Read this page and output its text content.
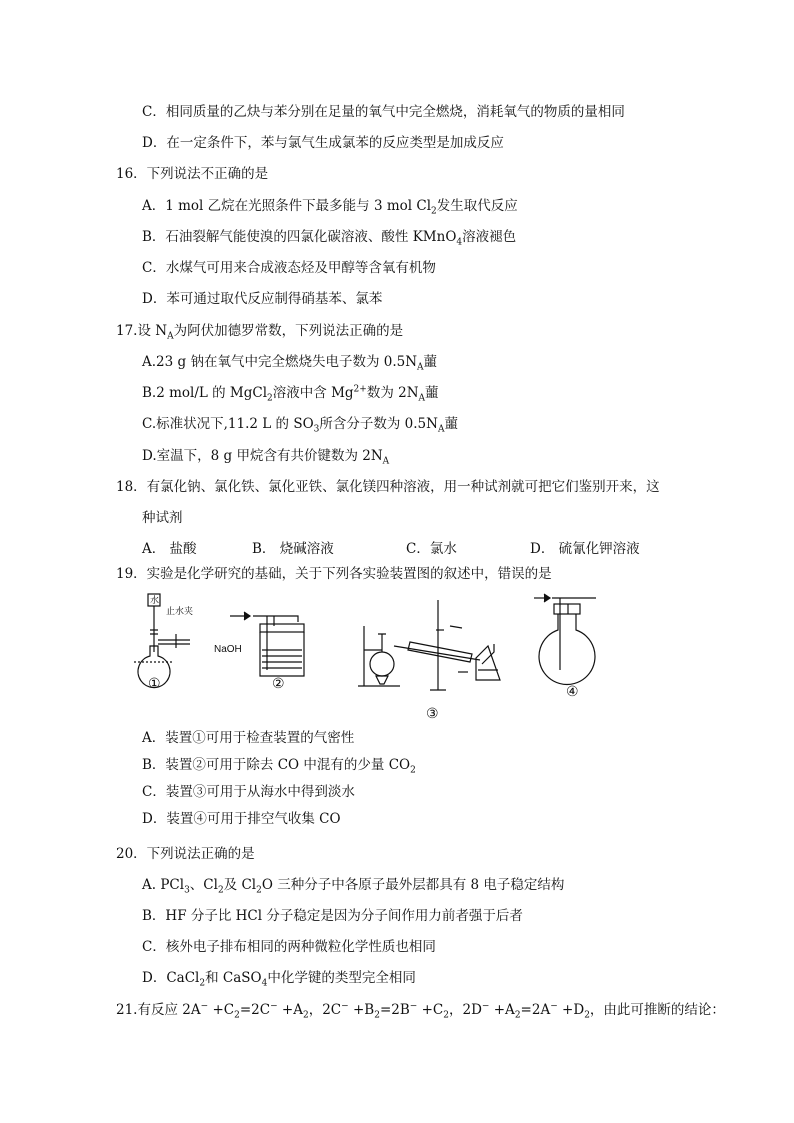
C．相同质量的乙炔与苯分别在足量的氧气中完全燃烧，消耗氧气的物质的量相同
D．在一定条件下，苯与氯气生成氯苯的反应类型是加成反应
16．下列说法不正确的是
A．1 mol 乙烷在光照条件下最多能与 3 mol $Cl_2$发生取代反应
B．石油裂解气能使溴的四氯化碳溶液、酸性 KMnO$_4$溶液褪色
C．水煤气可用来合成液态烃及甲醇等含氧有机物
D．苯可通过取代反应制得硝基苯、氯苯
17.设 $N_A$为阿伏加德罗常数，下列说法正确的是
A.23 g 钠在氧气中完全燃烧失电子数为 $0.5N_A$蘁
B.2 mol/L 的 MgCl$_2$溶液中含 $Mg^{2+}$数为 $2N_A$蘁
C.标准状况下,11.2 L 的 $SO_3$所含分子数为 $0.5N_A$蘁
D.室温下，8 g 甲烷含有共价键数为 $2N_A$
18．有氯化钠、氯化铁、氯化亚铁、氯化镁四种溶液，用一种试剂就可把它们鉴别开来，这
种试剂
A． 盐酸	B． 烧碱溶液	C．氯水	D． 硫氰化钾溶液
19．实验是化学研究的基础，关于下列各实验装置图的叙述中，错误的是
水
止水夹
NaOH
①	②
③
④
A．装置①可用于检查装置的气密性
B．装置②可用于除去 CO 中混有的少量 $CO_2$
C．装置③可用于从海水中得到淡水
D．装置④可用于排空气收集 CO
20．下列说法正确的是
A. PCl$_3$、$Cl_2$及 $Cl_2O$ 三种分子中各原子最外层都具有 8 电子稳定结构
B．HF 分子比 HCl 分子稳定是因为分子间作用力前者强于后者
C．核外电子排布相同的两种微粒化学性质也相同
D．CaCl$_2$和 CaSO$_4$中化学键的类型完全相同
21.有反应 $2A^- +C_2=2C^- +A_2$，$2C^- +B_2=2B^- +C_2$，$2D^- +A_2=2A^- +D_2$，由此可推断的结论：
